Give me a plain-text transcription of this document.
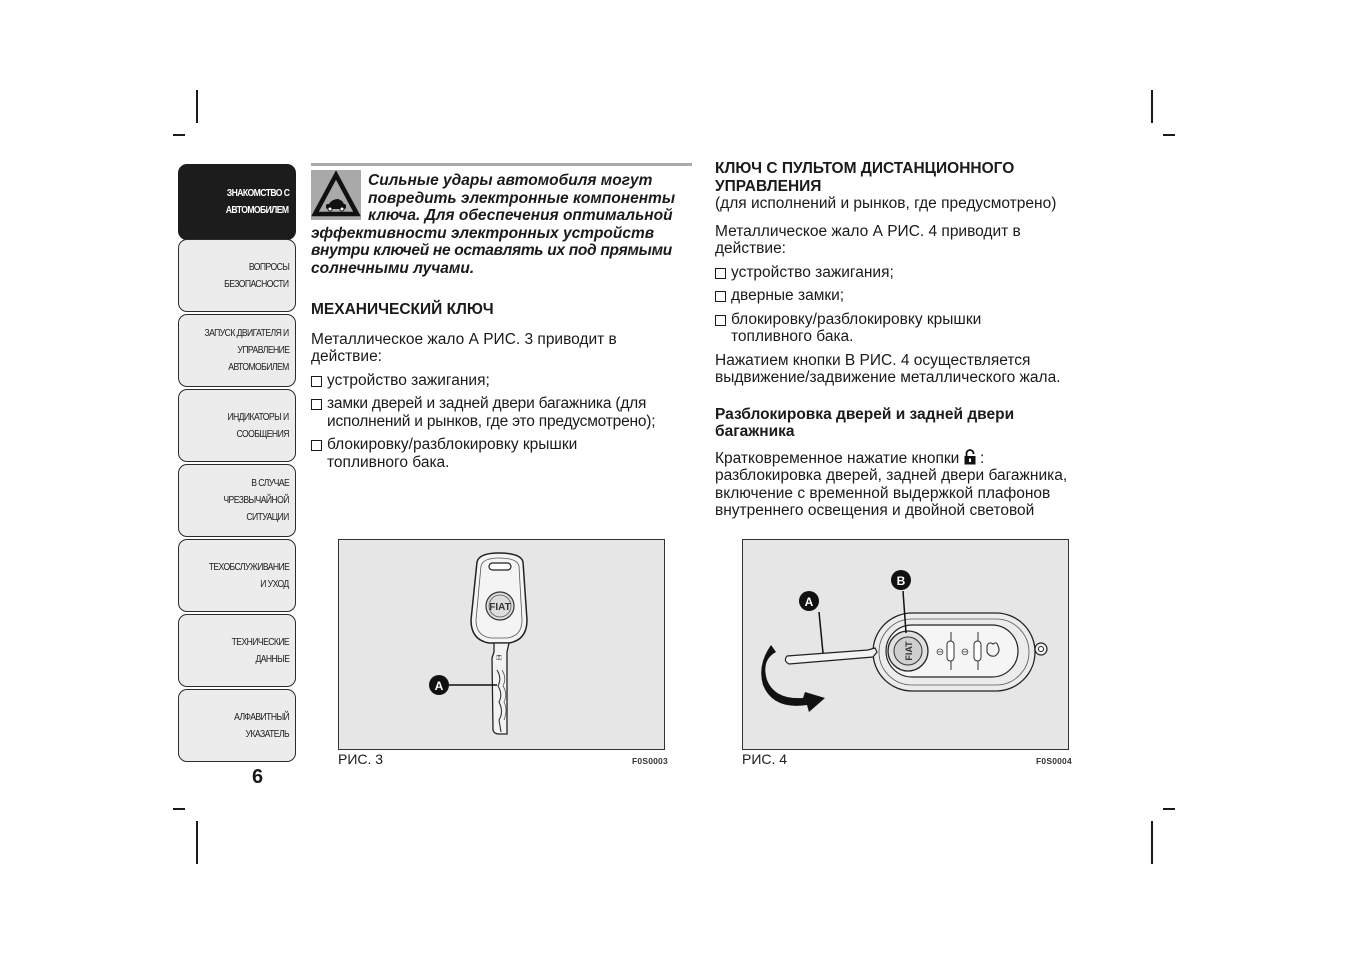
ЗНАКОМСТВО С
АВТОМОБИЛЕМ
ВОПРОСЫ
БЕЗОПАСНОСТИ
ЗАПУСК ДВИГАТЕЛЯ И
УПРАВЛЕНИЕ
АВТОМОБИЛЕМ
ИНДИКАТОРЫ И
СООБЩЕНИЯ
В СЛУЧАЕ
ЧРЕЗВЫЧАЙНОЙ
СИТУАЦИИ
ТЕХОБСЛУЖИВАНИЕ
И УХОД
ТЕХНИЧЕСКИЕ
ДАННЫЕ
АЛФАВИТНЫЙ
УКАЗАТЕЛЬ
6

Сильные удары автомобиля могут

повредить электронные компоненты

ключа. Для обеспечения оптимальной

эффективности электронных устройств

внутри ключей не оставлять их под прямыми

солнечными лучами.

МЕХАНИЧЕСКИЙ КЛЮЧ

Металлическое жало А РИС. 3 приводит в действие:

устройство зажигания;
замки дверей и задней двери багажника (для исполнений и рынков, где это предусмотрено);
блокировку/разблокировку крышки топливного бака.
FIAT
⚿
A
РИС. 3	F0S0003

КЛЮЧ С ПУЛЬТОМ ДИСТАНЦИОННОГО УПРАВЛЕНИЯ

(для исполнений и рынков, где предусмотрено)

Металлическое жало А РИС. 4 приводит в действие:

устройство зажигания;
дверные замки;
блокировку/разблокировку крышки топливного бака.

Нажатием кнопки В РИС. 4 осуществляется выдвижение/задвижение металлического жала.

Разблокировка дверей и задней двери багажника

Кратковременное нажатие кнопки :
разблокировка дверей, задней двери багажника, включение с временной выдержкой плафонов внутреннего освещения и двойной световой

FIAT ⊖ ⊖
A
B
РИС. 4	F0S0004
